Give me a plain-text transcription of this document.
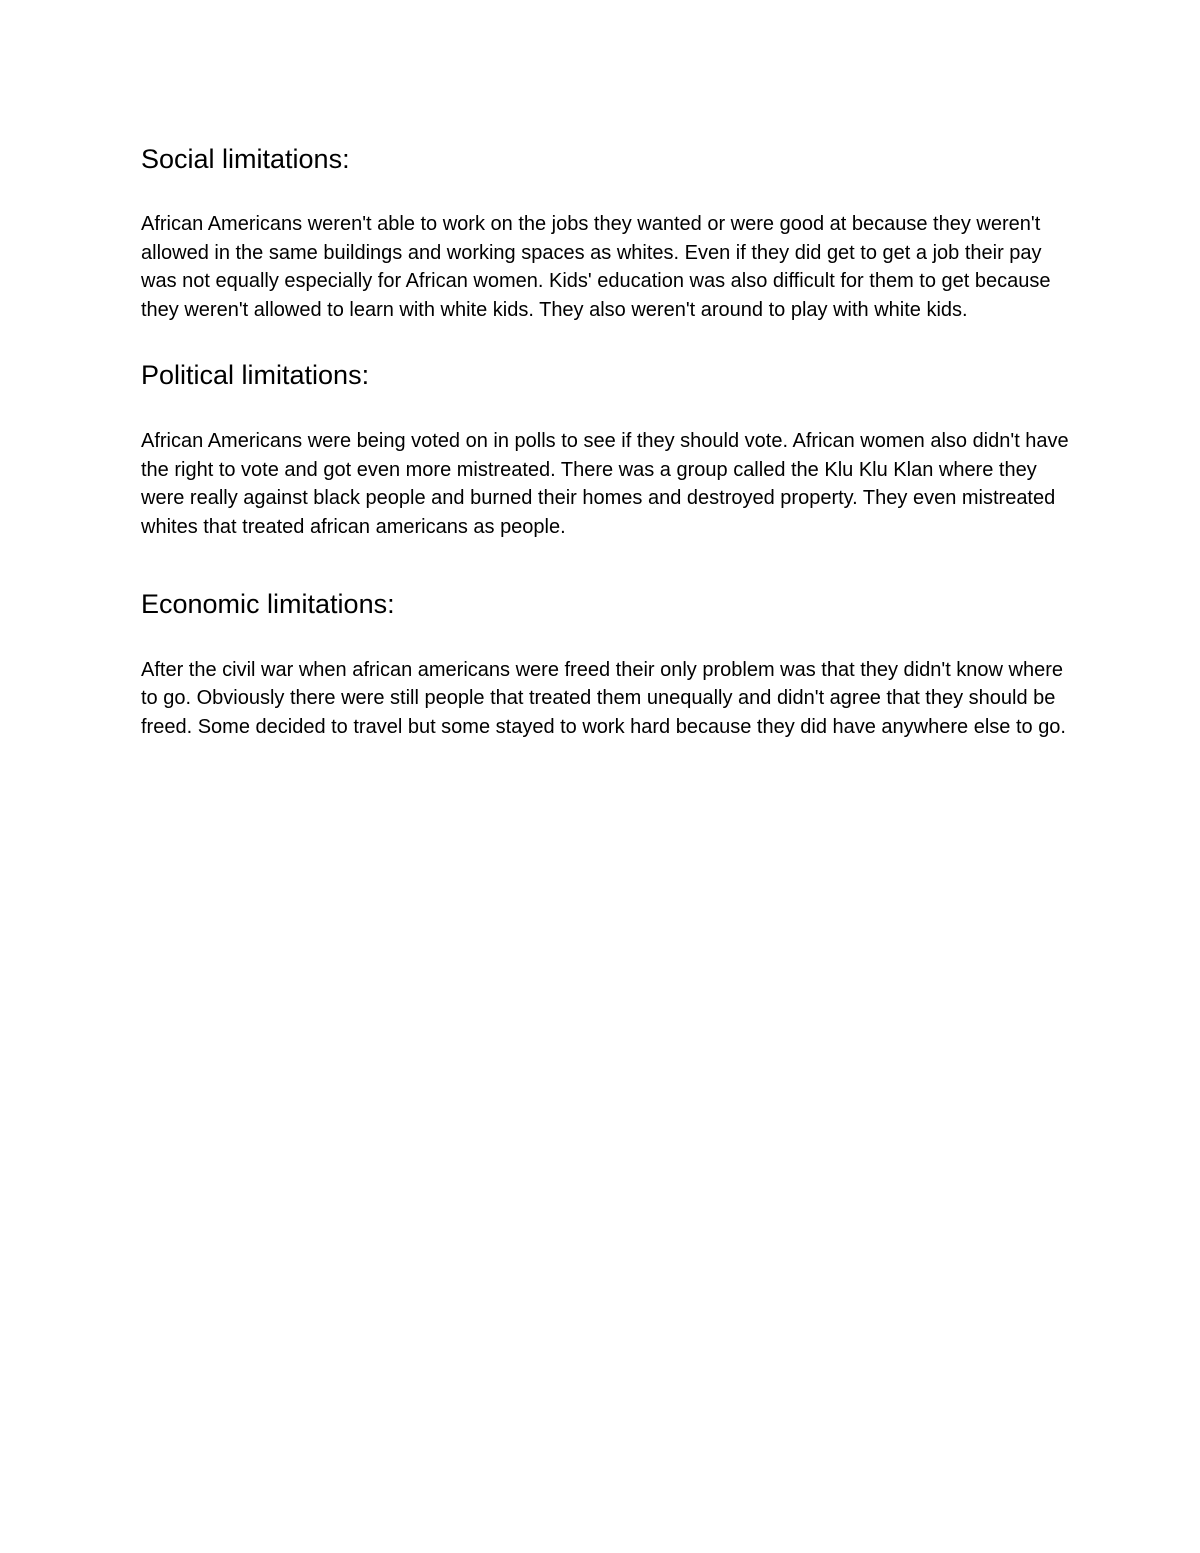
Social limitations:

African Americans weren't able to work on the jobs they wanted or were good at because they weren't allowed in the same buildings and working spaces as whites. Even if they did get to get a job their pay was not equally especially for African women. Kids' education was also difficult for them to get because they weren't allowed to learn with white kids. They also weren't around to play with white kids.

Political limitations:

African Americans were being voted on in polls to see if they should vote. African women also didn't have the right to vote and got even more mistreated. There was a group called the Klu Klu Klan where they were really against black people and burned their homes and destroyed property. They even mistreated whites that treated african americans as people.

Economic limitations:

After the civil war when african americans were freed their only problem was that they didn't know where to go. Obviously there were still people that treated them unequally and didn't agree that they should be freed. Some decided to travel but some stayed to work hard because they did have anywhere else to go.
